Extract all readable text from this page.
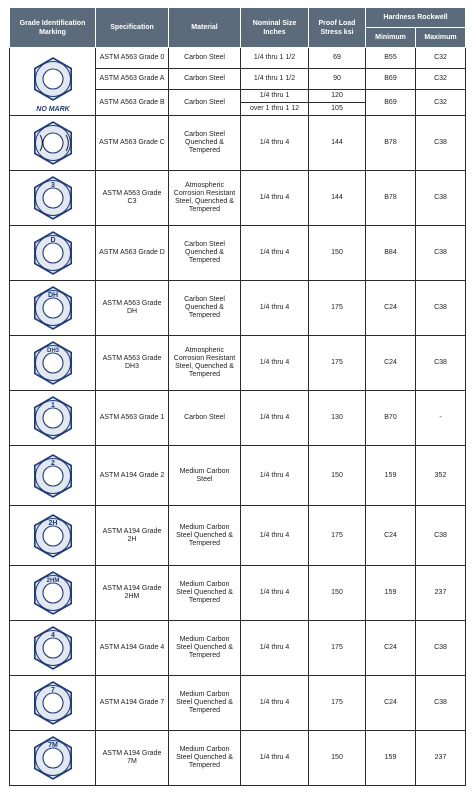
Grade Identification Marking	Specification	Material	Nominal Size Inches	Proof Load Stress ksi	Hardness Rockwell	
					Minimum	Maximum

NO MARK	ASTM A563 Grade 0	Carbon Steel	1/4 thru 1 1/2	69	B55	C32
	ASTM A563 Grade A	Carbon Steel	1/4 thru 1 1/2	90	B69	C32
	ASTM A563 Grade B	Carbon Steel	1/4 thru 1	120	B69	C32
			over 1 thru 1 12	105		

	ASTM A563 Grade C	Carbon Steel Quenched & Tempered	1/4 thru 4	144	B78	C38

3	ASTM A563 Grade C3	Atmospheric Corrosion Resistant Steel, Quenched & Tempered	1/4 thru 4	144	B78	C38

D	ASTM A563 Grade D	Carbon Steel Quenched & Tempered	1/4 thru 4	150	B84	C38

DH	ASTM A563 Grade DH	Carbon Steel Quenched & Tempered	1/4 thru 4	175	C24	C38

DH3	ASTM A563 Grade DH3	Atmospheric Corrosion Resistant Steel, Quenched & Tempered	1/4 thru 4	175	C24	C38

1	ASTM A563 Grade 1	Carbon Steel	1/4 thru 4	130	B70	-

2	ASTM A194 Grade 2	Medium Carbon Steel	1/4 thru 4	150	159	352

2H	ASTM A194 Grade 2H	Medium Carbon Steel Quenched & Tempered	1/4 thru 4	175	C24	C38

2HM	ASTM A194 Grade 2HM	Medium Carbon Steel Quenched & Tempered	1/4 thru 4	150	159	237

4	ASTM A194 Grade 4	Medium Carbon Steel Quenched & Tempered	1/4 thru 4	175	C24	C38

7	ASTM A194 Grade 7	Medium Carbon Steel Quenched & Tempered	1/4 thru 4	175	C24	C38

7M	ASTM A194 Grade 7M	Medium Carbon Steel Quenched & Tempered	1/4 thru 4	150	159	237
